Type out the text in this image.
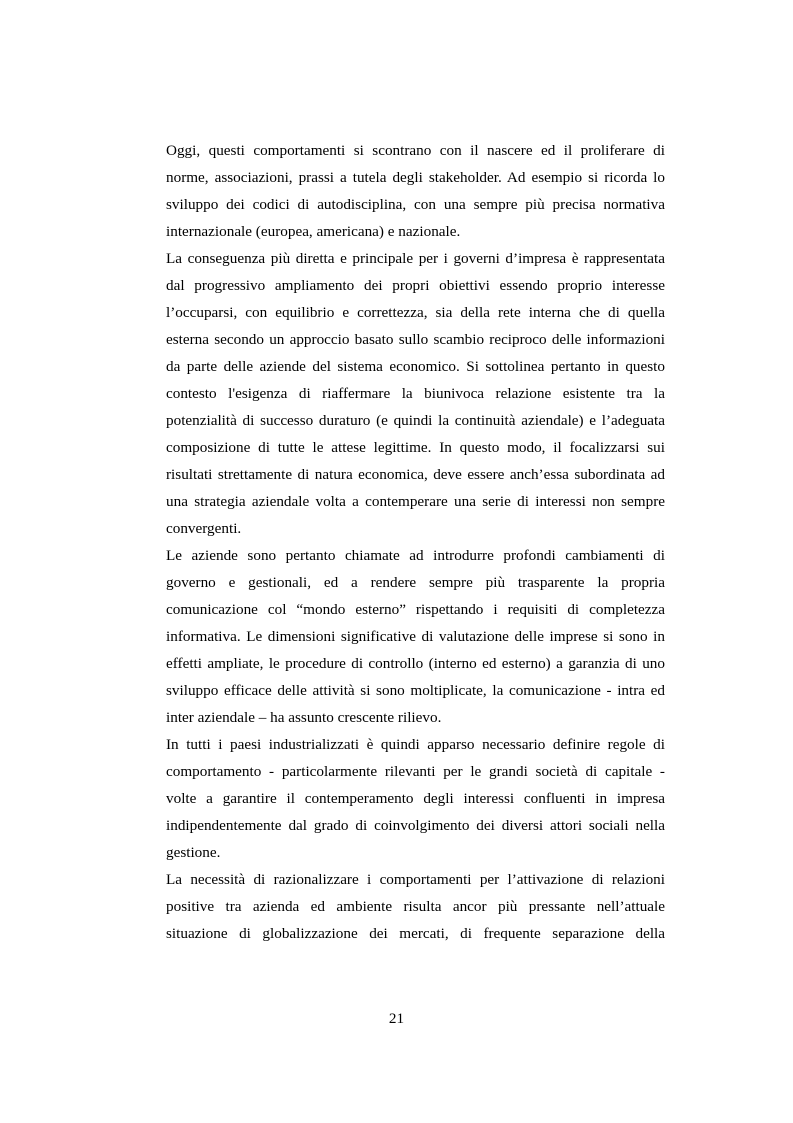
Oggi, questi comportamenti si scontrano con il nascere ed il proliferare di
norme, associazioni, prassi a tutela degli stakeholder. Ad esempio si ricorda lo
sviluppo dei codici di autodisciplina, con una sempre più precisa normativa
internazionale (europea, americana) e nazionale.
La conseguenza più diretta e principale per i governi d’impresa è rappresentata
dal progressivo ampliamento dei propri obiettivi essendo proprio interesse
l’occuparsi, con equilibrio e correttezza, sia della rete interna che di quella
esterna secondo un approccio basato sullo scambio reciproco delle informazioni
da parte delle aziende del sistema economico. Si sottolinea pertanto in questo
contesto l'esigenza di riaffermare la biunivoca relazione esistente tra la
potenzialità di successo duraturo (e quindi la continuità aziendale) e l’adeguata
composizione di tutte le attese legittime. In questo modo, il focalizzarsi sui
risultati strettamente di natura economica, deve essere anch’essa subordinata ad
una strategia aziendale volta a contemperare una serie di interessi non sempre
convergenti.
Le aziende sono pertanto chiamate ad introdurre profondi cambiamenti di
governo e gestionali, ed a rendere sempre più trasparente la propria
comunicazione col “mondo esterno” rispettando i requisiti di completezza
informativa. Le dimensioni significative di valutazione delle imprese si sono in
effetti ampliate, le procedure di controllo (interno ed esterno) a garanzia di uno
sviluppo efficace delle attività si sono moltiplicate, la comunicazione - intra ed
inter aziendale – ha assunto crescente rilievo.
In tutti i paesi industrializzati è quindi apparso necessario definire regole di
comportamento - particolarmente rilevanti per le grandi società di capitale -
volte a garantire il contemperamento degli interessi confluenti in impresa
indipendentemente dal grado di coinvolgimento dei diversi attori sociali nella
gestione.
La necessità di razionalizzare i comportamenti per l’attivazione di relazioni
positive tra azienda ed ambiente risulta ancor più pressante nell’attuale
situazione di globalizzazione dei mercati, di frequente separazione della
21
